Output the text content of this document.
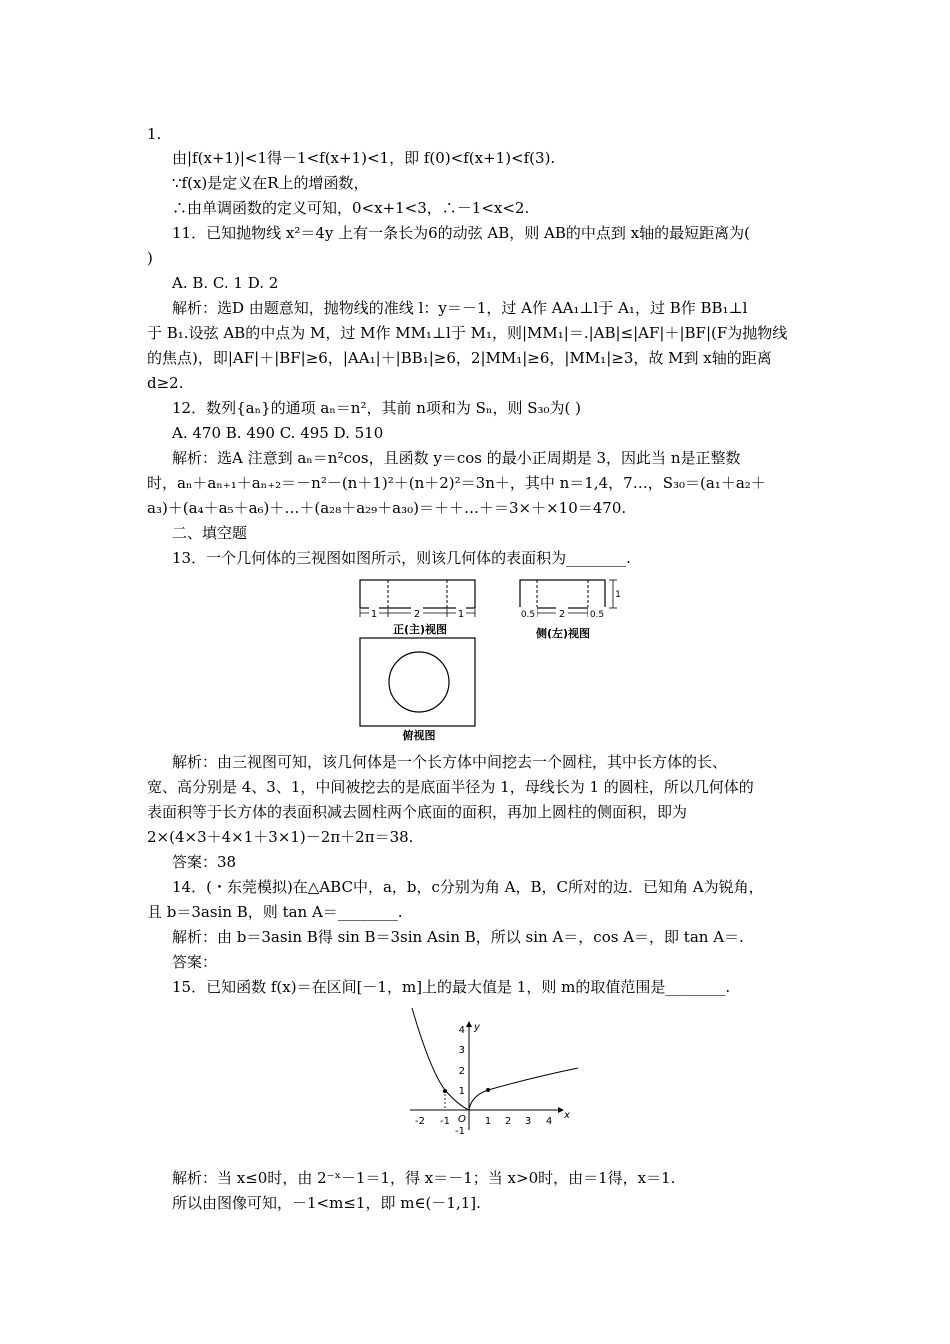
1.
由|f(x+1)|<1得－1<f(x+1)<1，即 f(0)<f(x+1)<f(3).
∵f(x)是定义在R上的增函数，
∴由单调函数的定义可知，0<x+1<3，∴－1<x<2.
11．已知抛物线 x²＝4y 上有一条长为6的动弦 AB，则 AB的中点到 x轴的最短距离为(
)
A. B. C. 1 D. 2
解析：选D 由题意知，抛物线的准线 l：y＝－1，过 A作 AA₁⊥l于 A₁，过 B作 BB₁⊥l
于 B₁.设弦 AB的中点为 M，过 M作 MM₁⊥l于 M₁，则|MM₁|＝.|AB|≤|AF|＋|BF|(F为抛物线
的焦点)，即|AF|＋|BF|≥6，|AA₁|＋|BB₁|≥6，2|MM₁|≥6，|MM₁|≥3，故 M到 x轴的距离
d≥2.
12．数列{aₙ}的通项 aₙ＝n²，其前 n项和为 Sₙ，则 S₃₀为( )
A. 470 B. 490 C. 495 D. 510
解析：选A 注意到 aₙ＝n²cos，且函数 y＝cos 的最小正周期是 3，因此当 n是正整数
时，aₙ＋aₙ₊₁＋aₙ₊₂＝－n²－(n＋1)²＋(n＋2)²＝3n＋，其中 n＝1,4，7…，S₃₀＝(a₁＋a₂＋
a₃)＋(a₄＋a₅＋a₆)＋…＋(a₂₈＋a₂₉＋a₃₀)＝＋＋…＋＝3×＋×10＝470.
二、填空题
13．一个几何体的三视图如图所示，则该几何体的表面积为________.
1	2	1
正(主)视图
0.5 2	0.5
1
侧(左)视图
俯视图
解析：由三视图可知，该几何体是一个长方体中间挖去一个圆柱，其中长方体的长、
宽、高分别是 4、3、1，中间被挖去的是底面半径为 1，母线长为 1 的圆柱，所以几何体的
表面积等于长方体的表面积减去圆柱两个底面的面积，再加上圆柱的侧面积，即为
2×(4×3＋4×1＋3×1)－2π＋2π＝38.
答案：38
14．(・东莞模拟)在△ABC中，a，b，c分别为角 A，B，C所对的边．已知角 A为锐角，
且 b＝3asin B，则 tan A＝________.
解析：由 b＝3asin B得 sin B＝3sin Asin B，所以 sin A＝，cos A＝，即 tan A＝.
答案：
15．已知函数 f(x)＝在区间[－1，m]上的最大值是 1，则 m的取值范围是________.
x
y
O
-2 -1	1 2 3 4
4
3
2
1
-1
解析：当 x≤0时，由 2⁻ˣ－1＝1，得 x＝－1；当 x>0时，由＝1得，x＝1.
所以由图像可知，－1<m≤1，即 m∈(－1,1].
